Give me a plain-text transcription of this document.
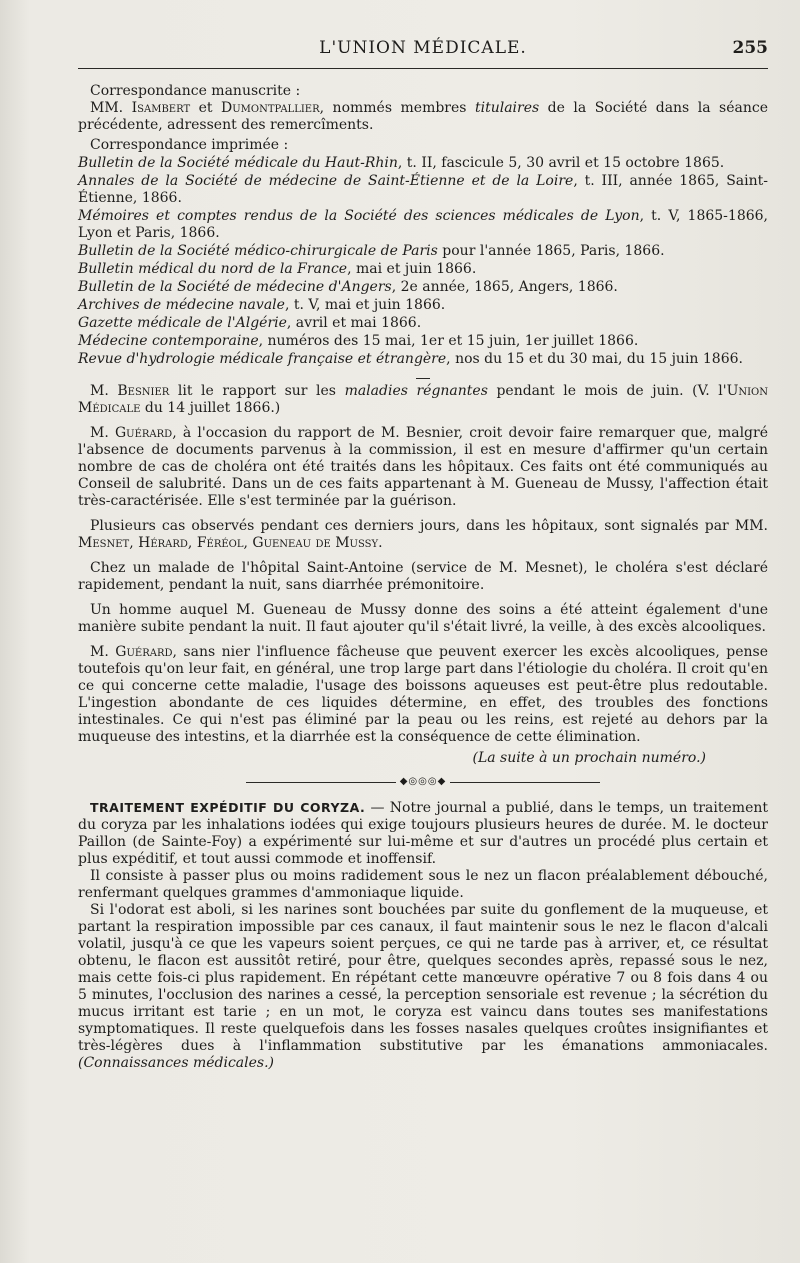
L'UNION MÉDICALE.	255

Correspondance manuscrite :

MM. Isambert et Dumontpallier, nommés membres titulaires de la Société dans la séance précédente, adressent des remercîments.

Correspondance imprimée :

Bulletin de la Société médicale du Haut-Rhin, t. II, fascicule 5, 30 avril et 15 octobre 1865.

Annales de la Société de médecine de Saint-Étienne et de la Loire, t. III, année 1865, Saint-Étienne, 1866.

Mémoires et comptes rendus de la Société des sciences médicales de Lyon, t. V, 1865-1866, Lyon et Paris, 1866.

Bulletin de la Société médico-chirurgicale de Paris pour l'année 1865, Paris, 1866.

Bulletin médical du nord de la France, mai et juin 1866.

Bulletin de la Société de médecine d'Angers, 2e année, 1865, Angers, 1866.

Archives de médecine navale, t. V, mai et juin 1866.

Gazette médicale de l'Algérie, avril et mai 1866.

Médecine contemporaine, numéros des 15 mai, 1er et 15 juin, 1er juillet 1866.

Revue d'hydrologie médicale française et étrangère, nos du 15 et du 30 mai, du 15 juin 1866.

M. Besnier lit le rapport sur les maladies régnantes pendant le mois de juin. (V. l'Union Médicale du 14 juillet 1866.)

M. Guérard, à l'occasion du rapport de M. Besnier, croit devoir faire remarquer que, malgré l'absence de documents parvenus à la commission, il est en mesure d'affirmer qu'un certain nombre de cas de choléra ont été traités dans les hôpitaux. Ces faits ont été communiqués au Conseil de salubrité. Dans un de ces faits appartenant à M. Gueneau de Mussy, l'affection était très-caractérisée. Elle s'est terminée par la guérison.

Plusieurs cas observés pendant ces derniers jours, dans les hôpitaux, sont signalés par MM. Mesnet, Hérard, Féréol, Gueneau de Mussy.

Chez un malade de l'hôpital Saint-Antoine (service de M. Mesnet), le choléra s'est déclaré rapidement, pendant la nuit, sans diarrhée prémonitoire.

Un homme auquel M. Gueneau de Mussy donne des soins a été atteint également d'une manière subite pendant la nuit. Il faut ajouter qu'il s'était livré, la veille, à des excès alcooliques.

M. Guérard, sans nier l'influence fâcheuse que peuvent exercer les excès alcooliques, pense toutefois qu'on leur fait, en général, une trop large part dans l'étiologie du choléra. Il croit qu'en ce qui concerne cette maladie, l'usage des boissons aqueuses est peut-être plus redoutable. L'ingestion abondante de ces liquides détermine, en effet, des troubles des fonctions intestinales. Ce qui n'est pas éliminé par la peau ou les reins, est rejeté au dehors par la muqueuse des intestins, et la diarrhée est la conséquence de cette élimination.

(La suite à un prochain numéro.)

◆◎◎◎◆

TRAITEMENT EXPÉDITIF DU CORYZA. — Notre journal a publié, dans le temps, un traitement du coryza par les inhalations iodées qui exige toujours plusieurs heures de durée. M. le docteur Paillon (de Sainte-Foy) a expérimenté sur lui-même et sur d'autres un procédé plus certain et plus expéditif, et tout aussi commode et inoffensif.

Il consiste à passer plus ou moins radidement sous le nez un flacon préalablement débouché, renfermant quelques grammes d'ammoniaque liquide.

Si l'odorat est aboli, si les narines sont bouchées par suite du gonflement de la muqueuse, et partant la respiration impossible par ces canaux, il faut maintenir sous le nez le flacon d'alcali volatil, jusqu'à ce que les vapeurs soient perçues, ce qui ne tarde pas à arriver, et, ce résultat obtenu, le flacon est aussitôt retiré, pour être, quelques secondes après, repassé sous le nez, mais cette fois-ci plus rapidement. En répétant cette manœuvre opérative 7 ou 8 fois dans 4 ou 5 minutes, l'occlusion des narines a cessé, la perception sensoriale est revenue ; la sécrétion du mucus irritant est tarie ; en un mot, le coryza est vaincu dans toutes ses manifestations symptomatiques. Il reste quelquefois dans les fosses nasales quelques croûtes insignifiantes et très-légères dues à l'inflammation substitutive par les émanations ammoniacales. (Connaissances médicales.)
